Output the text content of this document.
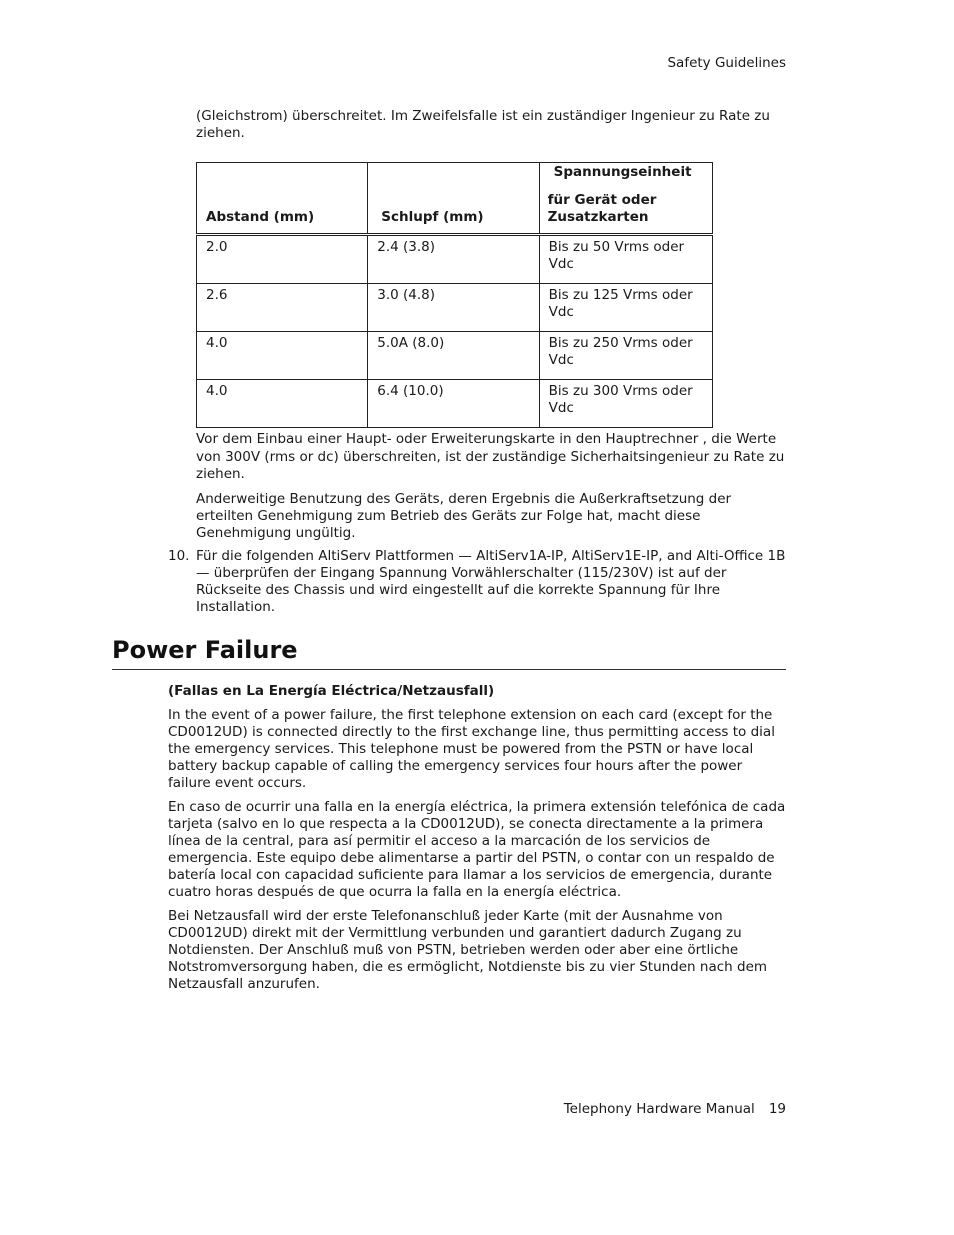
Safety Guidelines
(Gleichstrom) überschreitet. Im Zweifelsfalle ist ein zuständiger Ingenieur zu Rate zu ziehen.
Abstand (mm)	Schlupf (mm)	Spannungseinheit
für Gerät oder Zusatzkarten

2.0	2.4 (3.8)	Bis zu 50 Vrms oder Vdc
2.6	3.0 (4.8)	Bis zu 125 Vrms oder Vdc
4.0	5.0A (8.0)	Bis zu 250 Vrms oder Vdc
4.0	6.4 (10.0)	Bis zu 300 Vrms oder Vdc
Vor dem Einbau einer Haupt- oder Erweiterungskarte in den Hauptrechner , die Werte von 300V (rms or dc) überschreiten, ist der zuständige Sicherhaitsingenieur zu Rate zu ziehen.
Anderweitige Benutzung des Geräts, deren Ergebnis die Außerkraftsetzung der erteilten Genehmigung zum Betrieb des Geräts zur Folge hat, macht diese Genehmigung ungültig.
10. Für die folgenden AltiServ Plattformen — AltiServ1A-IP, AltiServ1E-IP, and Alti-Office 1B — überprüfen der Eingang Spannung Vorwählerschalter (115/230V) ist auf der Rückseite des Chassis und wird eingestellt auf die korrekte Spannung für Ihre Installation.
Power Failure
(Fallas en La Energía Eléctrica/Netzausfall)
In the event of a power failure, the first telephone extension on each card (except for the CD0012UD) is connected directly to the first exchange line, thus permitting access to dial the emergency services. This telephone must be powered from the PSTN or have local battery backup capable of calling the emergency services four hours after the power failure event occurs.
En caso de ocurrir una falla en la energía eléctrica, la primera extensión telefónica de cada tarjeta (salvo en lo que respecta a la CD0012UD), se conecta directamente a la primera línea de la central, para así permitir el acceso a la marcación de los servicios de emergencia. Este equipo debe alimentarse a partir del PSTN, o contar con un respaldo de batería local con capacidad suficiente para llamar a los servicios de emergencia, durante cuatro horas después de que ocurra la falla en la energía eléctrica.
Bei Netzausfall wird der erste Telefonanschluß jeder Karte (mit der Ausnahme von CD0012UD) direkt mit der Vermittlung verbunden und garantiert dadurch Zugang zu Notdiensten. Der Anschluß muß von PSTN, betrieben werden oder aber eine örtliche Notstromversorgung haben, die es ermöglicht, Notdienste bis zu vier Stunden nach dem Netzausfall anzurufen.
Telephony Hardware Manual 19
